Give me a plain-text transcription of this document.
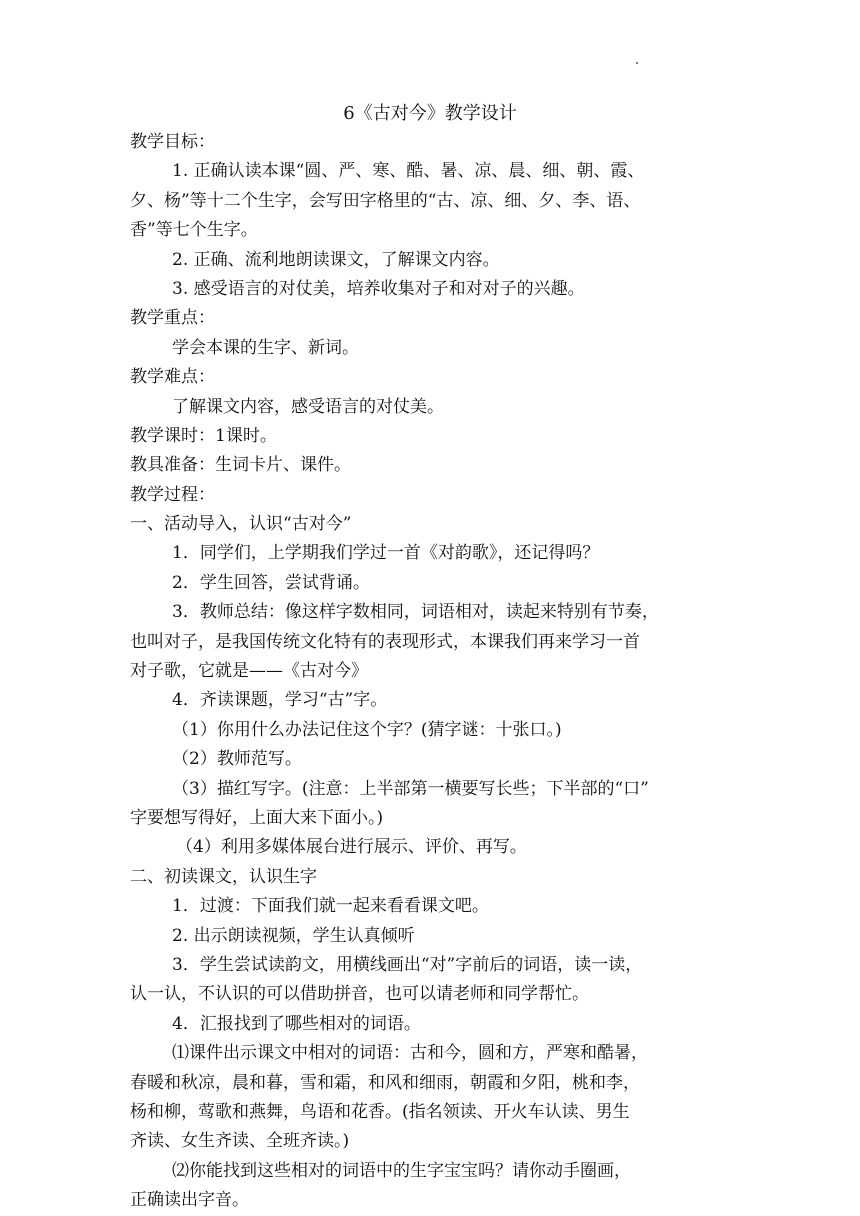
6《古对今》教学设计
教学目标：
1. 正确认读本课“圆、严、寒、酷、暑、凉、晨、细、朝、霞、
夕、杨”等十二个生字，会写田字格里的“古、凉、细、夕、李、语、
香”等七个生字。
2. 正确、流利地朗读课文，了解课文内容。
3. 感受语言的对仗美，培养收集对子和对对子的兴趣。
教学重点：
学会本课的生字、新词。
教学难点：
了解课文内容，感受语言的对仗美。
教学课时：1课时。
教具准备：生词卡片、课件。
教学过程：
一、活动导入，认识“古对今”
1．同学们，上学期我们学过一首《对韵歌》，还记得吗？
2．学生回答，尝试背诵。
3．教师总结：像这样字数相同，词语相对，读起来特别有节奏，
也叫对子，是我国传统文化特有的表现形式，本课我们再来学习一首
对子歌，它就是——《古对今》
4．齐读课题，学习“古”字。
（1）你用什么办法记住这个字？(猜字谜：十张口。)
（2）教师范写。
（3）描红写字。(注意：上半部第一横要写长些；下半部的“口”
字要想写得好，上面大来下面小。)
（4）利用多媒体展台进行展示、评价、再写。
二、初读课文，认识生字
1．过渡：下面我们就一起来看看课文吧。
2. 出示朗读视频，学生认真倾听
3．学生尝试读韵文，用横线画出“对”字前后的词语，读一读，
认一认，不认识的可以借助拼音，也可以请老师和同学帮忙。
4．汇报找到了哪些相对的词语。
⑴课件出示课文中相对的词语：古和今，圆和方，严寒和酷暑，
春暖和秋凉，晨和暮，雪和霜，和风和细雨，朝霞和夕阳，桃和李，
杨和柳，莺歌和燕舞，鸟语和花香。(指名领读、开火车认读、男生
齐读、女生齐读、全班齐读。)
⑵你能找到这些相对的词语中的生字宝宝吗？请你动手圈画，
正确读出字音。
